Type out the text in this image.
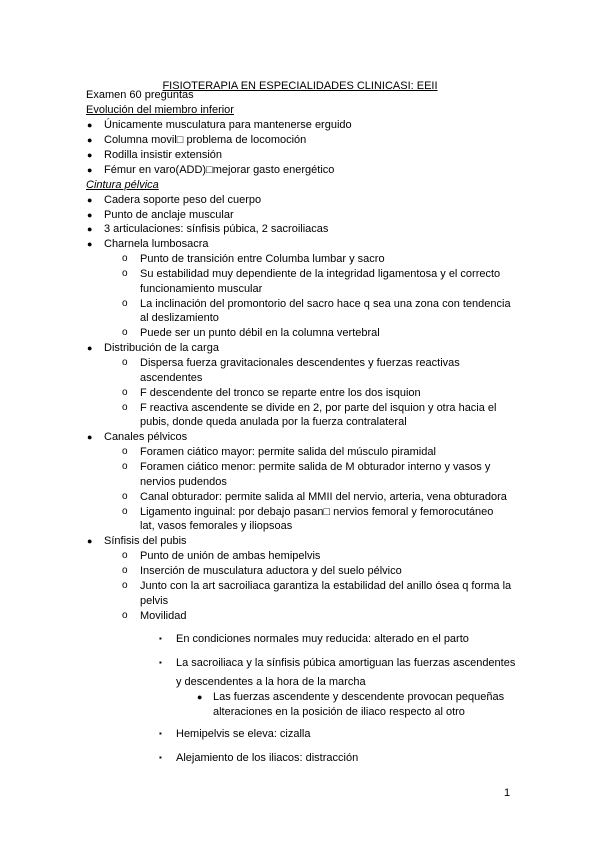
FISIOTERAPIA EN ESPECIALIDADES CLINICASI: EEII
Examen 60 preguntas
Evolución del miembro inferior
● Únicamente musculatura para mantenerse erguido
● Columna movil□ problema de locomoción
● Rodilla insistir extensión
● Fémur en varo(ADD)□mejorar gasto energético
Cintura pélvica
● Cadera soporte peso del cuerpo
● Punto de anclaje muscular
● 3 articulaciones: sínfisis púbica, 2 sacroiliacas
● Charnela lumbosacra
o Punto de transición entre Columba lumbar y sacro
o Su estabilidad muy dependiente de la integridad ligamentosa y el correcto
funcionamiento muscular
o La inclinación del promontorio del sacro hace q sea una zona con tendencia
al deslizamiento
o Puede ser un punto débil en la columna vertebral
● Distribución de la carga
o Dispersa fuerza gravitacionales descendentes y fuerzas reactivas
ascendentes
o F descendente del tronco se reparte entre los dos isquion
o F reactiva ascendente se divide en 2, por parte del isquion y otra hacia el
pubis, donde queda anulada por la fuerza contralateral
● Canales pélvicos
o Foramen ciático mayor: permite salida del músculo piramidal
o Foramen ciático menor: permite salida de M obturador interno y vasos y
nervios pudendos
o Canal obturador: permite salida al MMII del nervio, arteria, vena obturadora
o Ligamento inguinal: por debajo pasan□ nervios femoral y femorocutáneo
lat, vasos femorales y iliopsoas
● Sínfisis del pubis
o Punto de unión de ambas hemipelvis
o Inserción de musculatura aductora y del suelo pélvico
o Junto con la art sacroiliaca garantiza la estabilidad del anillo ósea q forma la
pelvis
o Movilidad
▪ En condiciones normales muy reducida: alterado en el parto
▪ La sacroiliaca y la sínfisis púbica amortiguan las fuerzas ascendentes
y descendentes a la hora de la marcha
● Las fuerzas ascendente y descendente provocan pequeñas
alteraciones en la posición de iliaco respecto al otro
▪ Hemipelvis se eleva: cizalla
▪ Alejamiento de los iliacos: distracción
1
